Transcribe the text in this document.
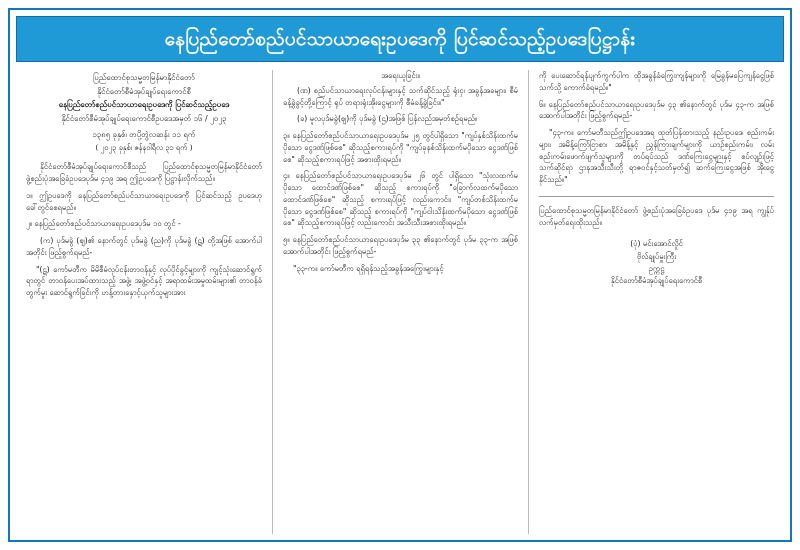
နေပြည်တော်စည်ပင်သာယာရေးဥပဒေကို ပြင်ဆင်သည့်ဥပဒေပြဋ္ဌာန်း

ပြည်ထောင်စုသမ္မတမြန်မာနိုင်ငံတော်

နိုင်ငံတော်စီမံအုပ်ချုပ်ရေးကောင်စီ

နေပြည်တော်စည်ပင်သာယာရေးဥပဒေကို ပြင်ဆင်သည့်ဥပဒေ

နိုင်ငံတော်စီမံအုပ်ချုပ်ရေးကောင်စီဥပဒေအမှတ် ၁၆ / ၂၀၂၃

၁၃၈၅ ခုနှစ်၊ တပို့တွဲလဆန်း ၁၁ ရက်

( ၂၀၂၃ ခုနှစ်၊ ဇန်နဝါရီလ ၃၁ ရက် )

နိုင်ငံတော်စီမံအုပ်ချုပ်ရေးကောင်စီသည် ပြည်ထောင်စုသမ္မတမြန်မာနိုင်ငံတော် ဖွဲ့စည်းပုံအခြေခံဥပဒေပုဒ်မ ၄၁၉ အရ ဤဥပဒေကို ပြဋ္ဌာန်းလိုက်သည်။

၁။ ဤဥပဒေကို နေပြည်တော်စည်ပင်သာယာရေးဥပဒေကို ပြင်ဆင်သည့် ဥပဒေဟု ခေါ်တွင်စေရမည်။

၂။ နေပြည်တော်စည်ပင်သာယာရေးဥပဒေပုဒ်မ ၁၀ တွင် -

(က) ပုဒ်မခွဲ (ဈ)၏ နောက်တွင် ပုဒ်မခွဲ (ည)ကို ပုဒ်မခွဲ (ဋ) တို့အဖြစ် အောက်ပါအတိုင်း ဖြည့်စွက်ရမည်-

"(ဋ) ကော်မတီက မိမိစီမံလုပ်ငန်းတာဝန်နှင့် လုပ်ပိုင်ခွင့်များကို ကျင့်သုံးဆောင်ရွက်ရာတွင် တာဝန်ပေးအပ်ထားသည့် အဖွဲ့၊ အဖွဲ့ဝင်နှင့် အရာထမ်းအမှုထမ်းများ၏ တာဝန်ခံတွက်မှုး ဆောင်ရွက်ခြင်းကို ဟန့်တားနှောင့်ယှက်သူများအား

အရေးယူခြင်း။

(ဏ) စည်ပင်သာယာရေးလုပ်ငန်းများနှင့် သက်ဆိုင်သည့် ရုံးငှ၊ အခွန်အခများ၊ စီမံခန့်ခွဲခွင့်တို့ကြောင့် ရုပ် တရားရုံးအိုးငွေများကို စီမံခန့်ခွဲခြင်း။"

(ခ) မူလပုဒ်မခွဲ(ဈ)ကို ပုဒ်မခွဲ (ဌ)အဖြစ် ပြန်လည်အမှတ်စဉ်ရမည်။

၃။ နေပြည်တော်စည်ပင်သာယာရေးဥပဒေပုဒ်မ ၂၅ တွင်ပါရှိသော "ကျပ်နှစ်သိန်းထက်မပိုသော ငွေဒဏ်ဖြစ်စေ" ဆိုသည့်စကားရပ်ကို "ကျပ်ခုနစ်သိန်းထက်မပိုသော ငွေဒဏ်ဖြစ်စေ" ဆိုသည့်စကားရပ်ဖြင့် အစားထိုးရမည်။

၄။ နေပြည်တော်စည်ပင်သာယာရေးဥပဒေပုဒ်မ ၂၆ တွင် ပါရှိသော "သုံးလထက်မပိုသော ထောင်ဒဏ်ဖြစ်စေ" ဆိုသည့် စကားရပ်ကို "ခြောက်လထက်မပိုသော ထောင်ဒဏ်ဖြစ်စေ" ဆိုသည့် စကားရပ်ဖြင့် လည်းကောင်း၊ "ကျပ်တစ်သိန်းထက်မပိုသော ငွေဒဏ်ဖြစ်စေ" ဆိုသည့် စကားရပ်ကို "ကျပ်ငါးသိန်းထက်မပိုသော ငွေဒဏ်ဖြစ်စေ" ဆိုသည့်စကားရပ်ဖြင့် လည်းကောင်း အသီးသီးအစားထိုးရမည်။

၅။ နေပြည်တော်စည်ပင်သာယာရေးဥပဒေပုဒ်မ ၃၃ ၏နောက်တွင် ပုဒ်မ ၃၃-က အဖြစ် အောက်ပါအတိုင်း ဖြည့်စွက်ရမည်-

"၃၃-က။ ကော်မတီက ရရှိရန်သည့်အခွန်အကြွေးများနှင့်

ကို ပေးဆောင်ရန်ပျက်ကွက်ပါက ထိုအခွန်ခံကြွေးကျန်များကို မြေခွန်မပြေကျန်ငွေဖြစ်သက်သို့ ကောက်ခံရမည်။"

၆။ နေပြည်တော်စည်ပင်သာယာရေးဥပဒေပုဒ်မ ၄၃ ၏နောက်တွင် ပုဒ်မ ၄၃-က အဖြစ် အောက်ပါအတိုင်း ဖြည့်စွက်ရမည်-

"၄၃-က။ ကော်မတီသည်ဤဥပဒေအရ ထုတ်ပြန်ထားသည့် နည်းဥပဒေ၊ စည်းကမ်းများ၊ အမိန့်ကြော်ငြာစာ၊ အမိန့်နှင့် ညွှန်ကြားချက်များကို ယာဉ်စည်းကမ်း၊ လမ်းစည်းကမ်းဖောက်ဖျက်သူများကို တပ်ရပ်သည် ဒဏ်ကြေးငွေများနှင့် စပ်လျဉ်းဖြင့် သက်ဆိုင်ရာ ဌာနအသီးသီးတို့ ရာဇဝင်နှင့်သတ်မှတ်၍ ဆက်ကြေးငွေအဖြစ် အိုးငွေနိုင်သည်။"

ပြည်ထောင်စုသမ္မတမြန်မာနိုင်ငံတော် ဖွဲ့စည်းပုံအခြေခံဥပဒေ ပုဒ်မ ၄၁၉ အရ ကျွန်ုပ်လက်မှတ်ရေးထိုးသည်။

(ပုံ) မင်းအောင်လှိုင်

ဗိုလ်ချုပ်မှူးကြီး

ဥက္ကဋ္ဌ

နိုင်ငံတော်စီမံအုပ်ချုပ်ရေးကောင်စီ
